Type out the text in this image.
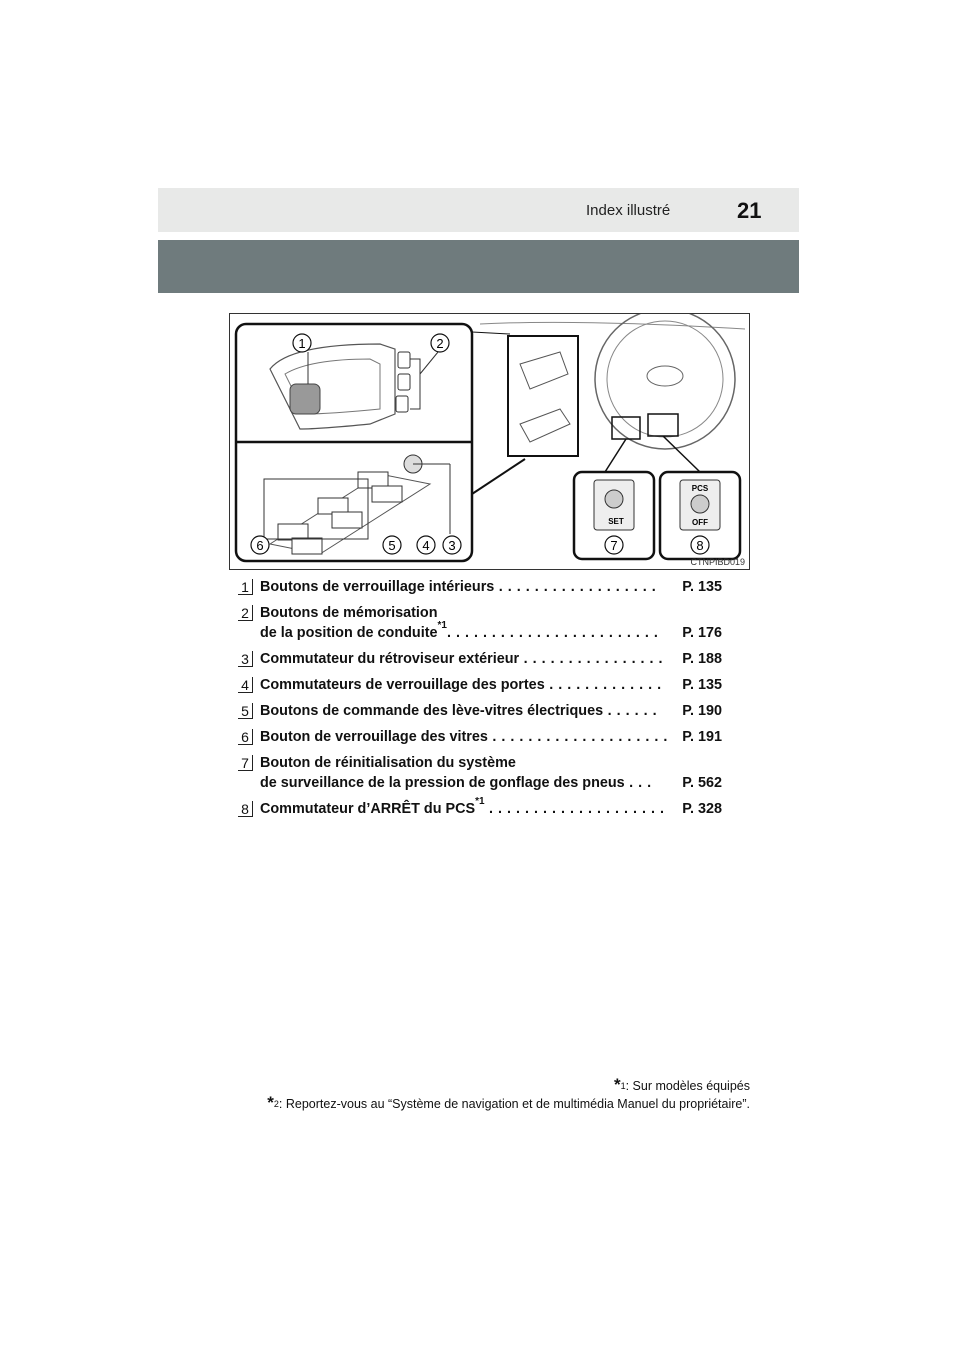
Index illustré	21
1	2
3
4
5
6
SET
7
PCS
OFF
8
CTNPIBD019
1 Boutons de verrouillage intérieurs . . . . . . . . . . . . . . . . . . P. 135
2 Boutons de mémorisation
de la position de conduite$^{*1}$. . . . . . . . . . . . . . . . . . . . . . . . P. 176
3 Commutateur du rétroviseur extérieur . . . . . . . . . . . . . . . . P. 188
4 Commutateurs de verrouillage des portes . . . . . . . . . . . . . P. 135
5 Boutons de commande des lève-vitres électriques . . . . . . P. 190
6 Bouton de verrouillage des vitres . . . . . . . . . . . . . . . . . . . . P. 191
7 Bouton de réinitialisation du système
de surveillance de la pression de gonflage des pneus . . . P. 562
8 Commutateur d’ARRÊT du PCS$^{*1}$ . . . . . . . . . . . . . . . . . . . . P. 328
*$^1$: Sur modèles équipés
*$^2$: Reportez-vous au “Système de navigation et de multimédia Manuel du propriétaire”.
